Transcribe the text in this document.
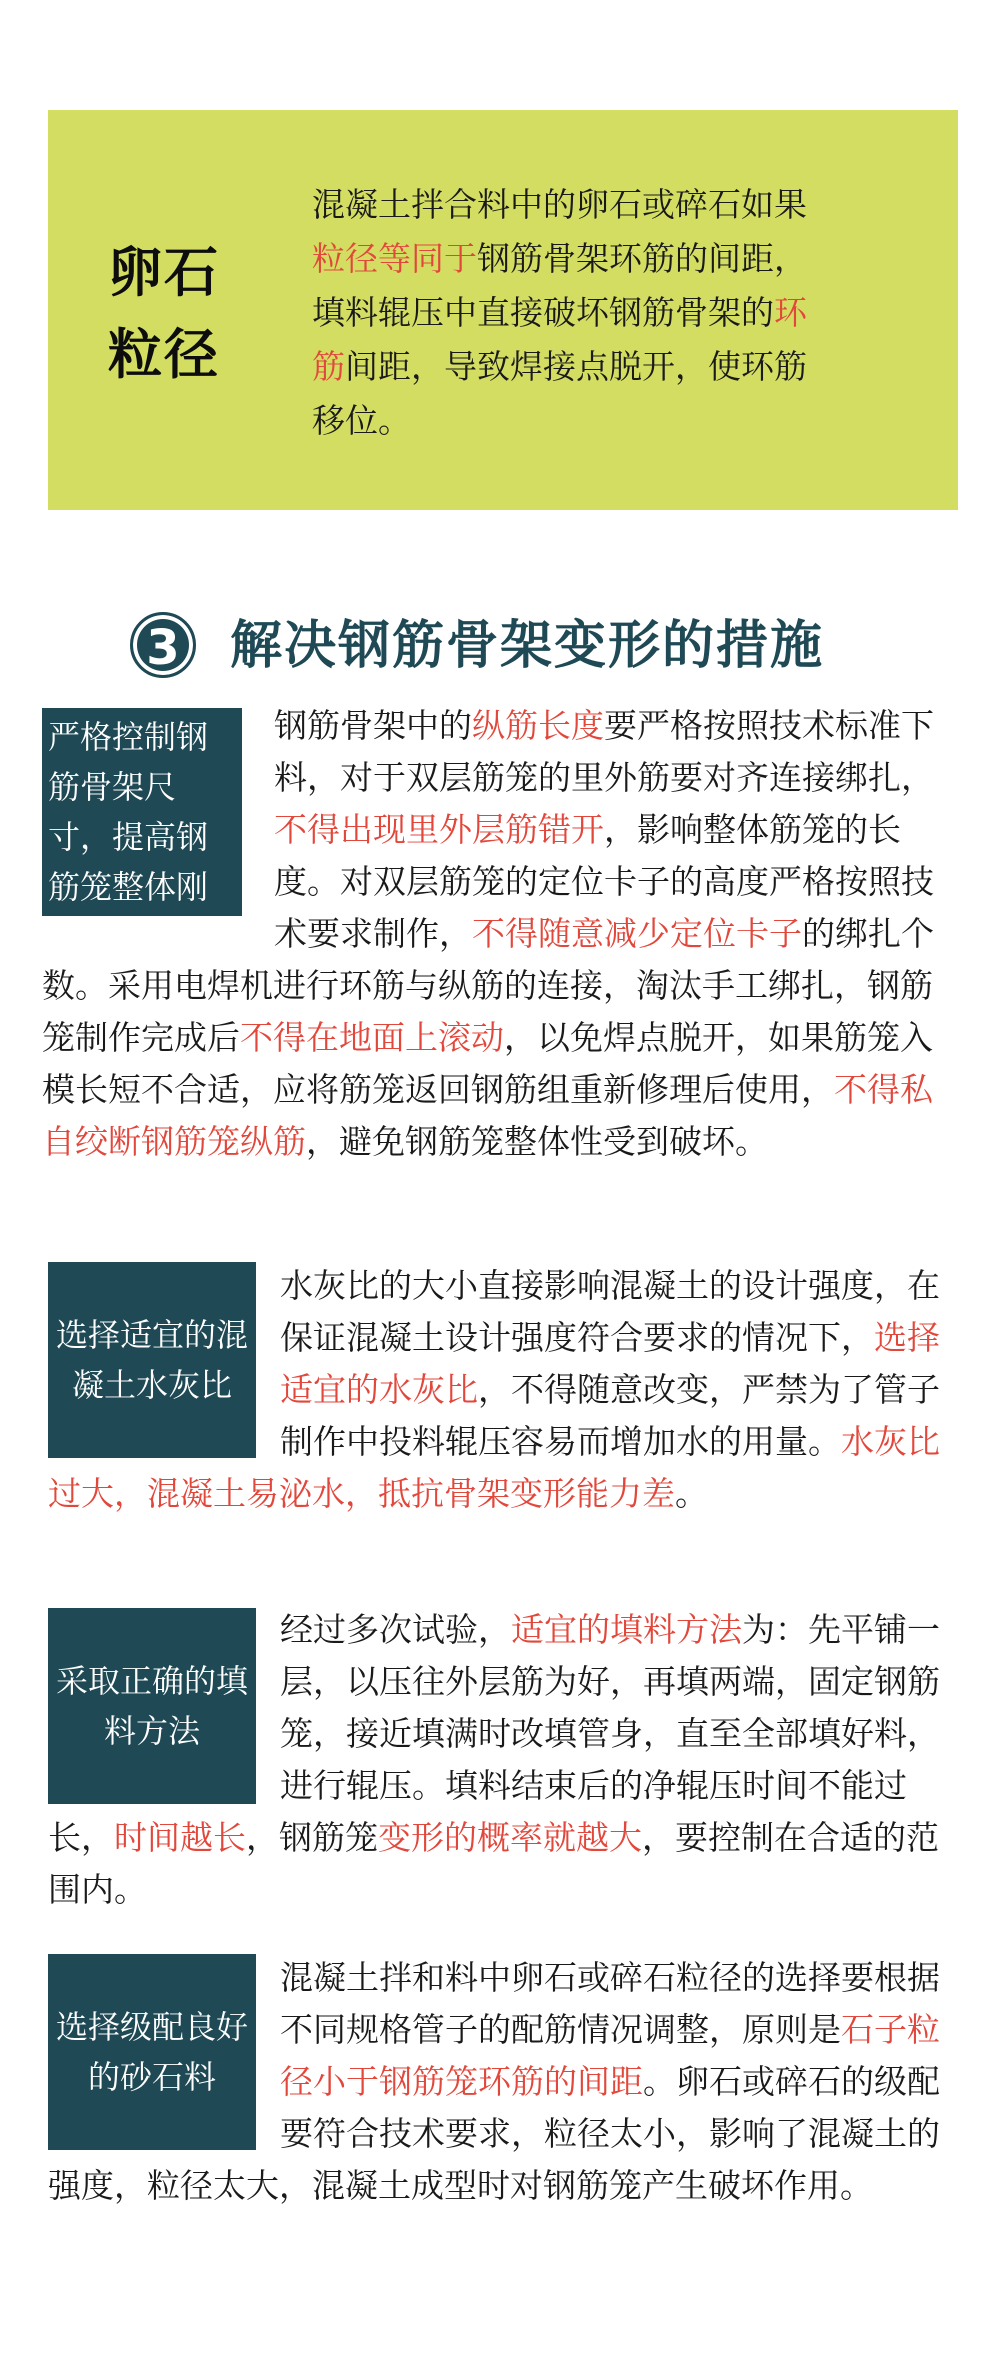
卵石
粒径
混凝土拌合料中的卵石或碎石如果粒径等同于钢筋骨架环筋的间距，填料辊压中直接破坏钢筋骨架的环筋间距，导致焊接点脱开，使环筋移位。
3 解决钢筋骨架变形的措施
严格控制钢筋骨架尺寸，提高钢筋笼整体刚度
钢筋骨架中的纵筋长度要严格按照技术标准下料，对于双层筋笼的里外筋要对齐连接绑扎，不得出现里外层筋错开，影响整体筋笼的长度。对双层筋笼的定位卡子的高度严格按照技术要求制作，不得随意减少定位卡子的绑扎个数。采用电焊机进行环筋与纵筋的连接，淘汰手工绑扎，钢筋笼制作完成后不得在地面上滚动，以免焊点脱开，如果筋笼入模长短不合适，应将筋笼返回钢筋组重新修理后使用，不得私自绞断钢筋笼纵筋，避免钢筋笼整体性受到破坏。
选择适宜的混凝土水灰比
水灰比的大小直接影响混凝土的设计强度，在保证混凝土设计强度符合要求的情况下，选择适宜的水灰比，不得随意改变，严禁为了管子制作中投料辊压容易而增加水的用量。水灰比过大，混凝土易泌水，抵抗骨架变形能力差。
采取正确的填料方法
经过多次试验，适宜的填料方法为：先平铺一层，以压往外层筋为好，再填两端，固定钢筋笼，接近填满时改填管身，直至全部填好料，进行辊压。填料结束后的净辊压时间不能过长，时间越长，钢筋笼变形的概率就越大，要控制在合适的范围内。
选择级配良好的砂石料
混凝土拌和料中卵石或碎石粒径的选择要根据不同规格管子的配筋情况调整，原则是石子粒径小于钢筋笼环筋的间距。卵石或碎石的级配要符合技术要求，粒径太小，影响了混凝土的强度，粒径太大，混凝土成型时对钢筋笼产生破坏作用。
